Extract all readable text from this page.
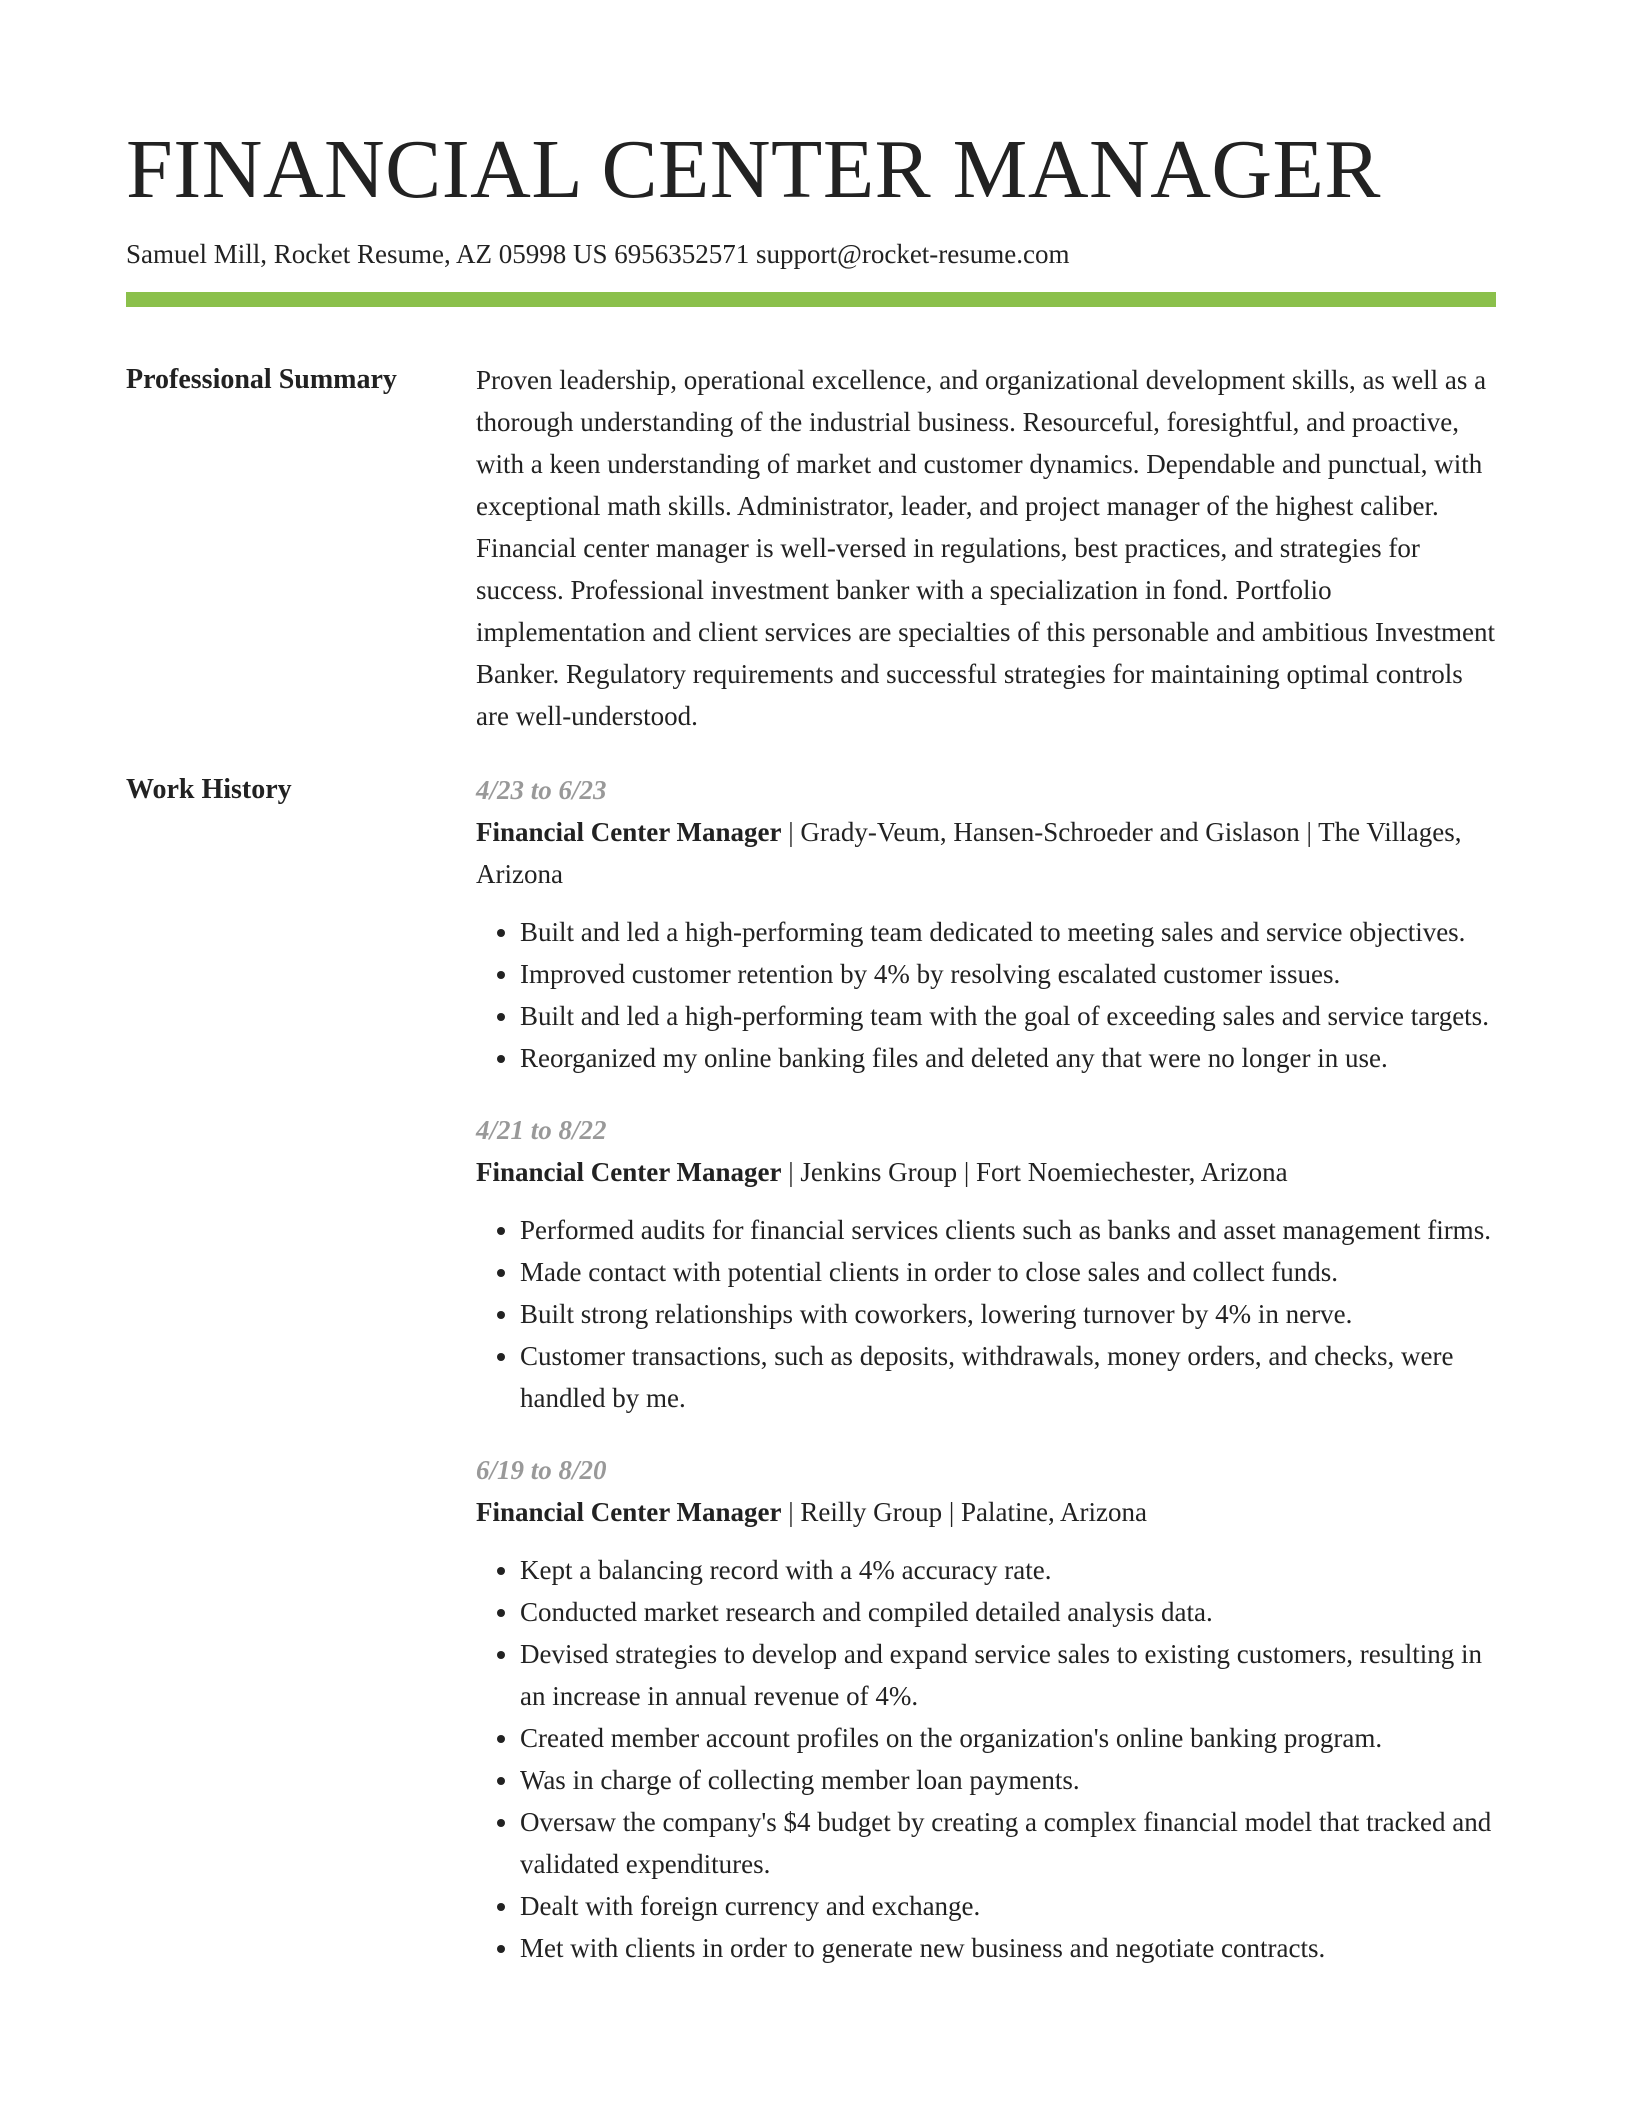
FINANCIAL CENTER MANAGER
Samuel Mill, Rocket Resume, AZ 05998 US 6956352571 support@rocket-resume.com
Professional Summary	Proven leadership, operational excellence, and organizational development skills, as well as a thorough understanding of the industrial business. Resourceful, foresightful, and proactive, with a keen understanding of market and customer dynamics. Dependable and punctual, with exceptional math skills. Administrator, leader, and project manager of the highest caliber. Financial center manager is well-versed in regulations, best practices, and strategies for success. Professional investment banker with a specialization in fond. Portfolio implementation and client services are specialties of this personable and ambitious Investment Banker. Regulatory requirements and successful strategies for maintaining optimal controls are well-understood.

Work History	4/23 to 6/23
Financial Center Manager | Grady-Veum, Hansen-Schroeder and Gislason | The Villages, Arizona
• Built and led a high-performing team dedicated to meeting sales and service objectives.
• Improved customer retention by 4% by resolving escalated customer issues.
• Built and led a high-performing team with the goal of exceeding sales and service targets.
• Reorganized my online banking files and deleted any that were no longer in use.
4/21 to 8/22
Financial Center Manager | Jenkins Group | Fort Noemiechester, Arizona
• Performed audits for financial services clients such as banks and asset management firms.
• Made contact with potential clients in order to close sales and collect funds.
• Built strong relationships with coworkers, lowering turnover by 4% in nerve.
• Customer transactions, such as deposits, withdrawals, money orders, and checks, were handled by me.
6/19 to 8/20
Financial Center Manager | Reilly Group | Palatine, Arizona
• Kept a balancing record with a 4% accuracy rate.
• Conducted market research and compiled detailed analysis data.
• Devised strategies to develop and expand service sales to existing customers, resulting in an increase in annual revenue of 4%.
• Created member account profiles on the organization's online banking program.
• Was in charge of collecting member loan payments.
• Oversaw the company's $4 budget by creating a complex financial model that tracked and validated expenditures.
• Dealt with foreign currency and exchange.
• Met with clients in order to generate new business and negotiate contracts.
